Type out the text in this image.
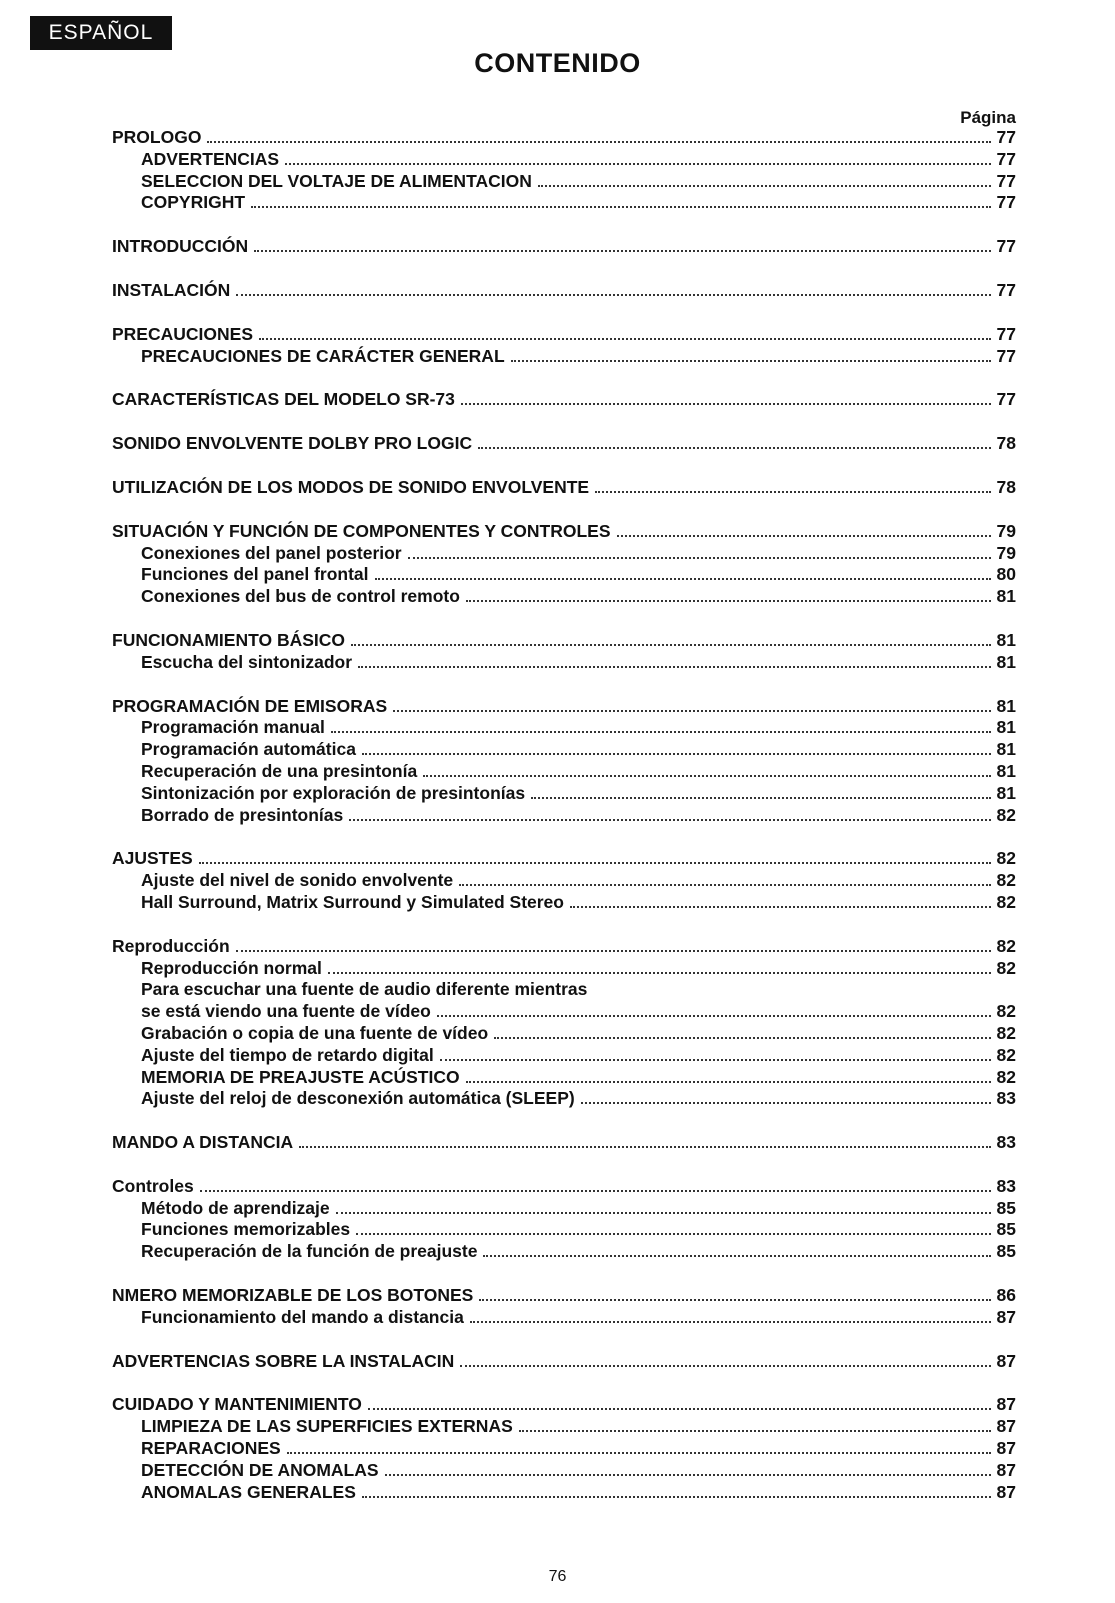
ESPAÑOL
CONTENIDO
Página
PROLOGO	77
ADVERTENCIAS	77
SELECCION DEL VOLTAJE DE ALIMENTACION	77
COPYRIGHT	77
INTRODUCCIÓN	77
INSTALACIÓN	77
PRECAUCIONES	77
PRECAUCIONES DE CARÁCTER GENERAL	77
CARACTERÍSTICAS DEL MODELO SR-73	77
SONIDO ENVOLVENTE DOLBY PRO LOGIC	78
UTILIZACIÓN DE LOS MODOS DE SONIDO ENVOLVENTE	78
SITUACIÓN Y FUNCIÓN DE COMPONENTES Y CONTROLES	79
Conexiones del panel posterior	79
Funciones del panel frontal	80
Conexiones del bus de control remoto	81
FUNCIONAMIENTO BÁSICO	81
Escucha del sintonizador	81
PROGRAMACIÓN DE EMISORAS	81
Programación manual	81
Programación automática	81
Recuperación de una presintonía	81
Sintonización por exploración de presintonías	81
Borrado de presintonías	82
AJUSTES	82
Ajuste del nivel de sonido envolvente	82
Hall Surround, Matrix Surround y Simulated Stereo	82
Reproducción	82
Reproducción normal	82
Para escuchar una fuente de audio diferente mientras
se está viendo una fuente de vídeo	82
Grabación o copia de una fuente de vídeo	82
Ajuste del tiempo de retardo digital	82
MEMORIA DE PREAJUSTE ACÚSTICO	82
Ajuste del reloj de desconexión automática (SLEEP)	83
MANDO A DISTANCIA	83
Controles	83
Método de aprendizaje	85
Funciones memorizables	85
Recuperación de la función de preajuste	85
NMERO MEMORIZABLE DE LOS BOTONES	86
Funcionamiento del mando a distancia	87
ADVERTENCIAS SOBRE LA INSTALACIN	87
CUIDADO Y MANTENIMIENTO	87
LIMPIEZA DE LAS SUPERFICIES EXTERNAS	87
REPARACIONES	87
DETECCIÓN DE ANOMALAS	87
ANOMALAS GENERALES	87
76
